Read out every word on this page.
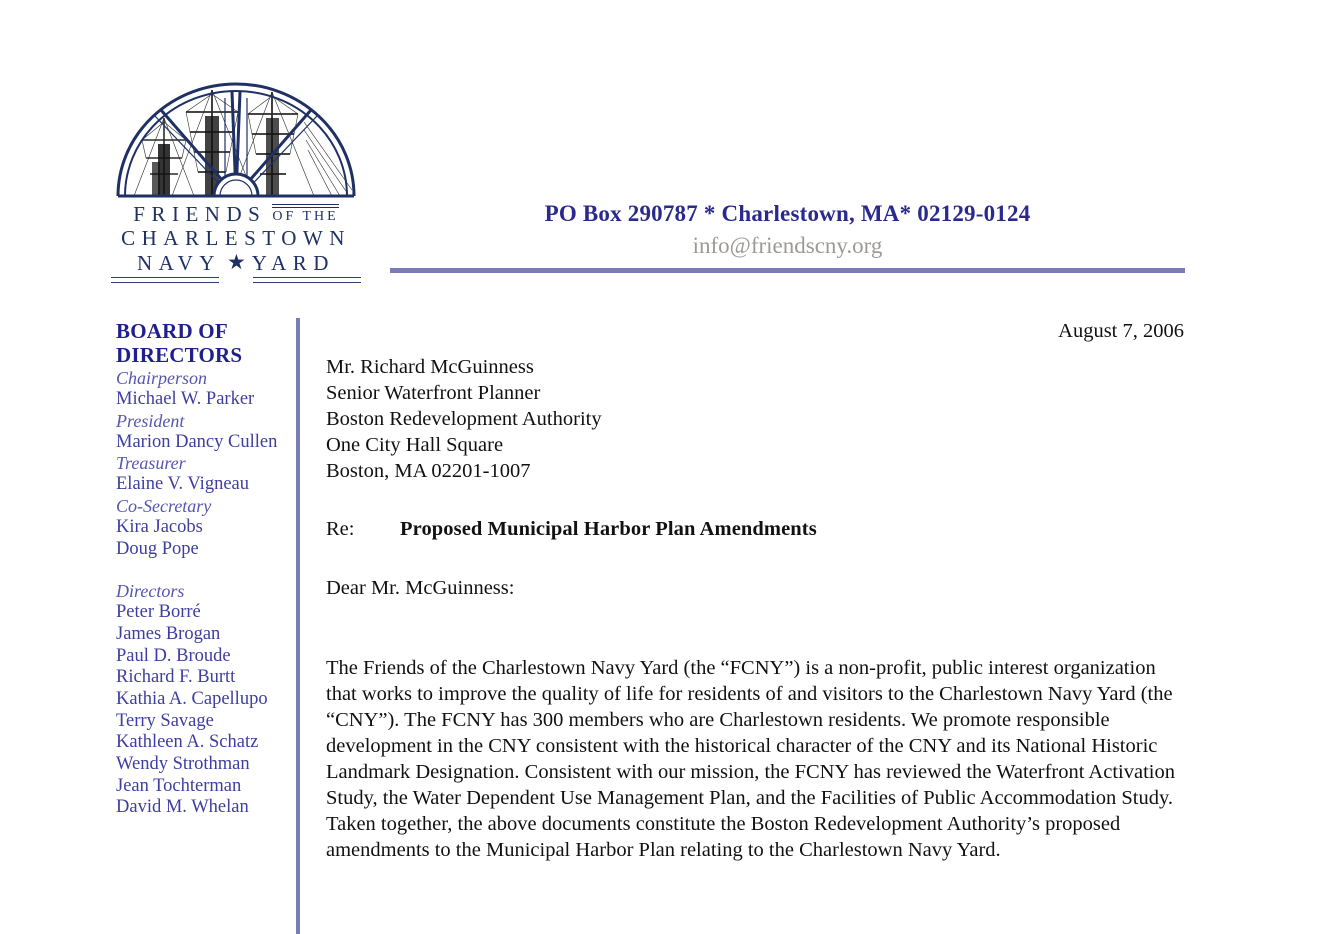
FRIENDS OF THE
CHARLESTOWN
NAVY ★ YARD
PO Box 290787 * Charlestown, MA* 02129-0124
info@friendscny.org
BOARD OF
DIRECTORS
Chairperson
Michael W. Parker
President
Marion Dancy Cullen
Treasurer
Elaine V. Vigneau
Co-Secretary
Kira Jacobs
Doug Pope
Directors
Peter Borré
James Brogan
Paul D. Broude
Richard F. Burtt
Kathia A. Capellupo
Terry Savage
Kathleen A. Schatz
Wendy Strothman
Jean Tochterman
David M. Whelan
August 7, 2006
Mr. Richard McGuinness
Senior Waterfront Planner
Boston Redevelopment Authority
One City Hall Square
Boston, MA 02201-1007
Re:	Proposed Municipal Harbor Plan Amendments
Dear Mr. McGuinness:
The Friends of the Charlestown Navy Yard (the “FCNY”) is a non-profit, public interest organization that works to improve the quality of life for residents of and visitors to the Charlestown Navy Yard (the “CNY”). The FCNY has 300 members who are Charlestown residents. We promote responsible development in the CNY consistent with the historical character of the CNY and its National Historic Landmark Designation. Consistent with our mission, the FCNY has reviewed the Waterfront Activation Study, the Water Dependent Use Management Plan, and the Facilities of Public Accommodation Study. Taken together, the above documents constitute the Boston Redevelopment Authority’s proposed amendments to the Municipal Harbor Plan relating to the Charlestown Navy Yard.
